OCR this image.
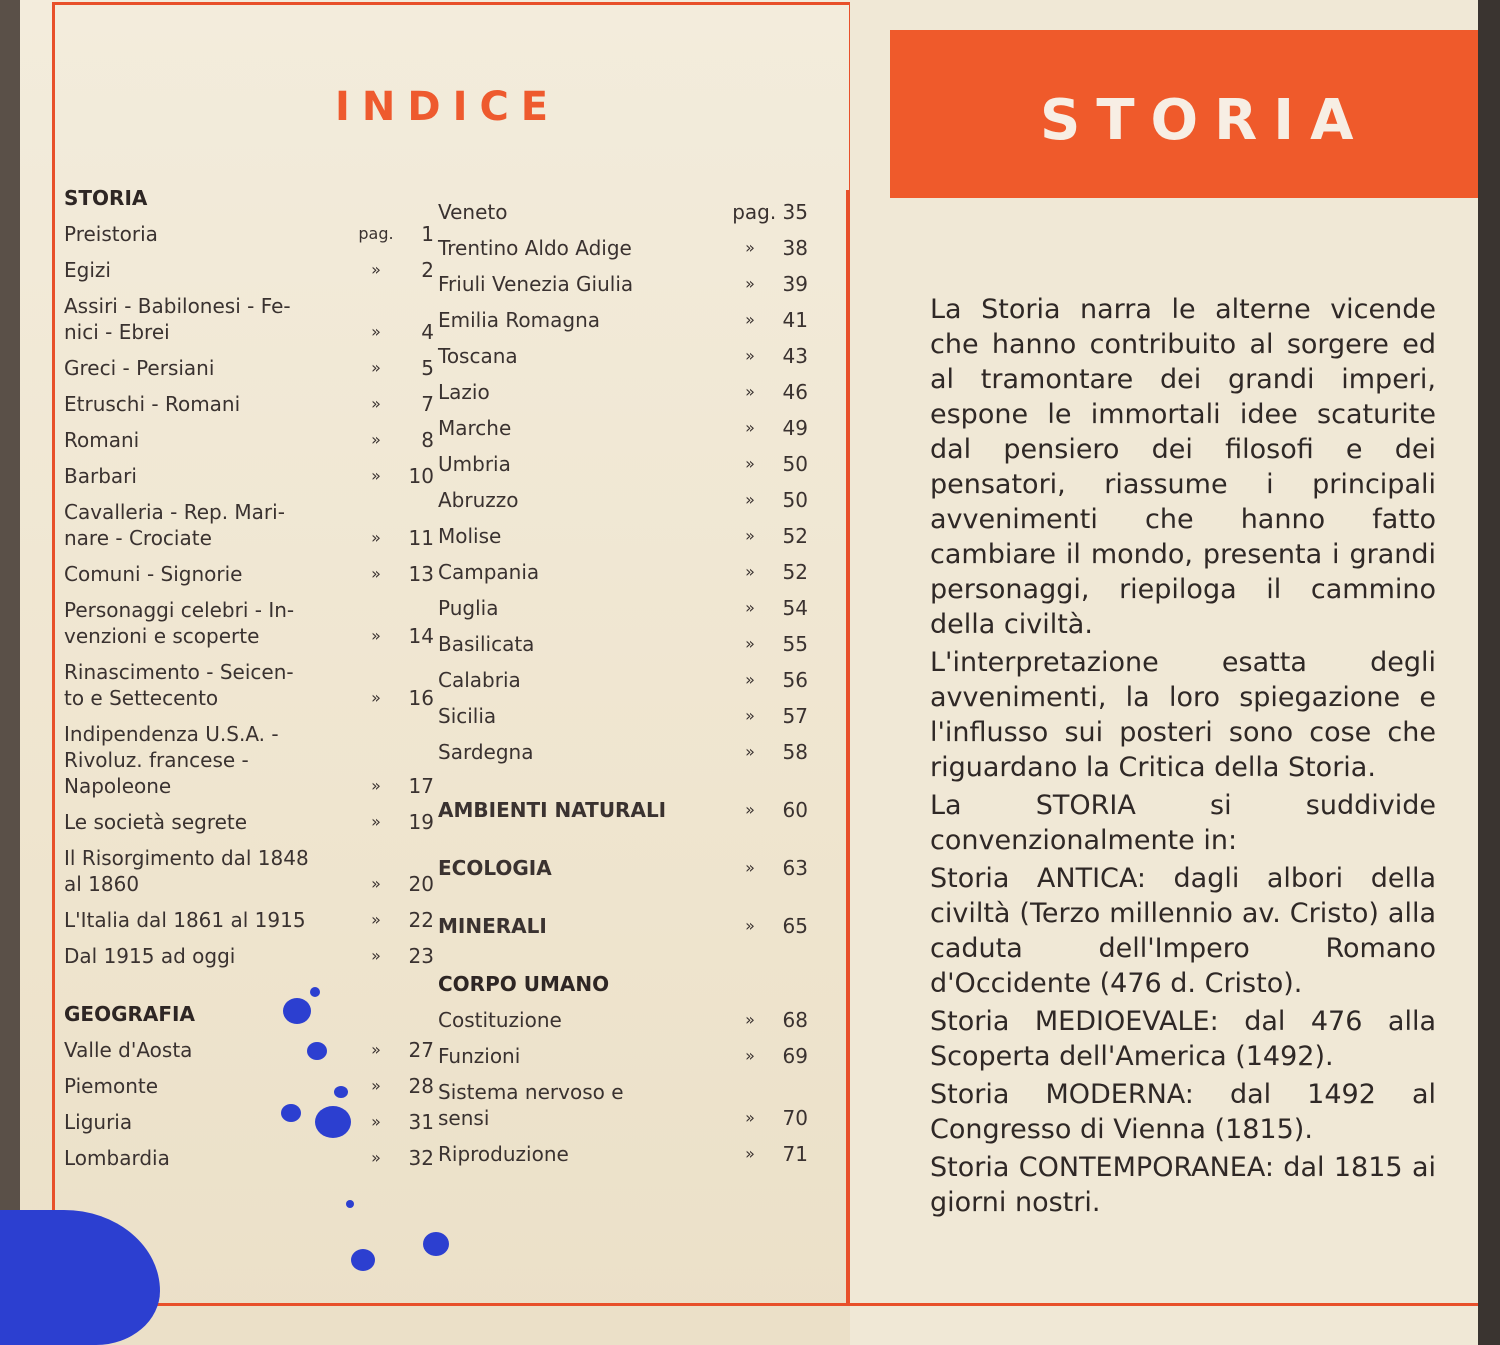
INDICE
STORIA
Preistoria	pag.	1
Egizi	»	2
Assiri - Babilonesi - Fe-
nici - Ebrei	»	4
Greci - Persiani	»	5
Etruschi - Romani	»	7
Romani	»	8
Barbari	»	10
Cavalleria - Rep. Mari-
nare - Crociate	»	11
Comuni - Signorie	»	13
Personaggi celebri - In-
venzioni e scoperte	»	14
Rinascimento - Seicen-
to e Settecento	»	16
Indipendenza U.S.A. -
Rivoluz. francese -
Napoleone	»	17
Le società segrete	»	19
Il Risorgimento dal 1848
al 1860	»	20
L'Italia dal 1861 al 1915	»	22
Dal 1915 ad oggi	»	23
GEOGRAFIA
Valle d'Aosta	»	27
Piemonte	»	28
Liguria	»	31
Lombardia	»	32
Veneto	pag. 35
Trentino Aldo Adige	»	38
Friuli Venezia Giulia	»	39
Emilia Romagna	»	41
Toscana	»	43
Lazio	»	46
Marche	»	49
Umbria	»	50
Abruzzo	»	50
Molise	»	52
Campania	»	52
Puglia	»	54
Basilicata	»	55
Calabria	»	56
Sicilia	»	57
Sardegna	»	58
AMBIENTI NATURALI	»	60
ECOLOGIA	»	63
MINERALI	»	65
CORPO UMANO
Costituzione	»	68
Funzioni	»	69
Sistema nervoso e
sensi	»	70
Riproduzione	»	71
STORIA

La Storia narra le alterne vicende che hanno contribuito al sorgere ed al tramontare dei grandi imperi, espone le immortali idee scaturite dal pensiero dei filosofi e dei pensatori, riassume i principali avvenimenti che hanno fatto cambiare il mondo, presenta i grandi personaggi, riepiloga il cammino della civiltà.

L'interpretazione esatta degli avvenimenti, la loro spiegazione e l'influsso sui posteri sono cose che riguardano la Critica della Storia.

La STORIA si suddivide convenzionalmente in:

Storia ANTICA: dagli albori della civiltà (Terzo millennio av. Cristo) alla caduta dell'Impero Romano d'Occidente (476 d. Cristo).

Storia MEDIOEVALE: dal 476 alla Scoperta dell'America (1492).

Storia MODERNA: dal 1492 al Congresso di Vienna (1815).

Storia CONTEMPORANEA: dal 1815 ai giorni nostri.
